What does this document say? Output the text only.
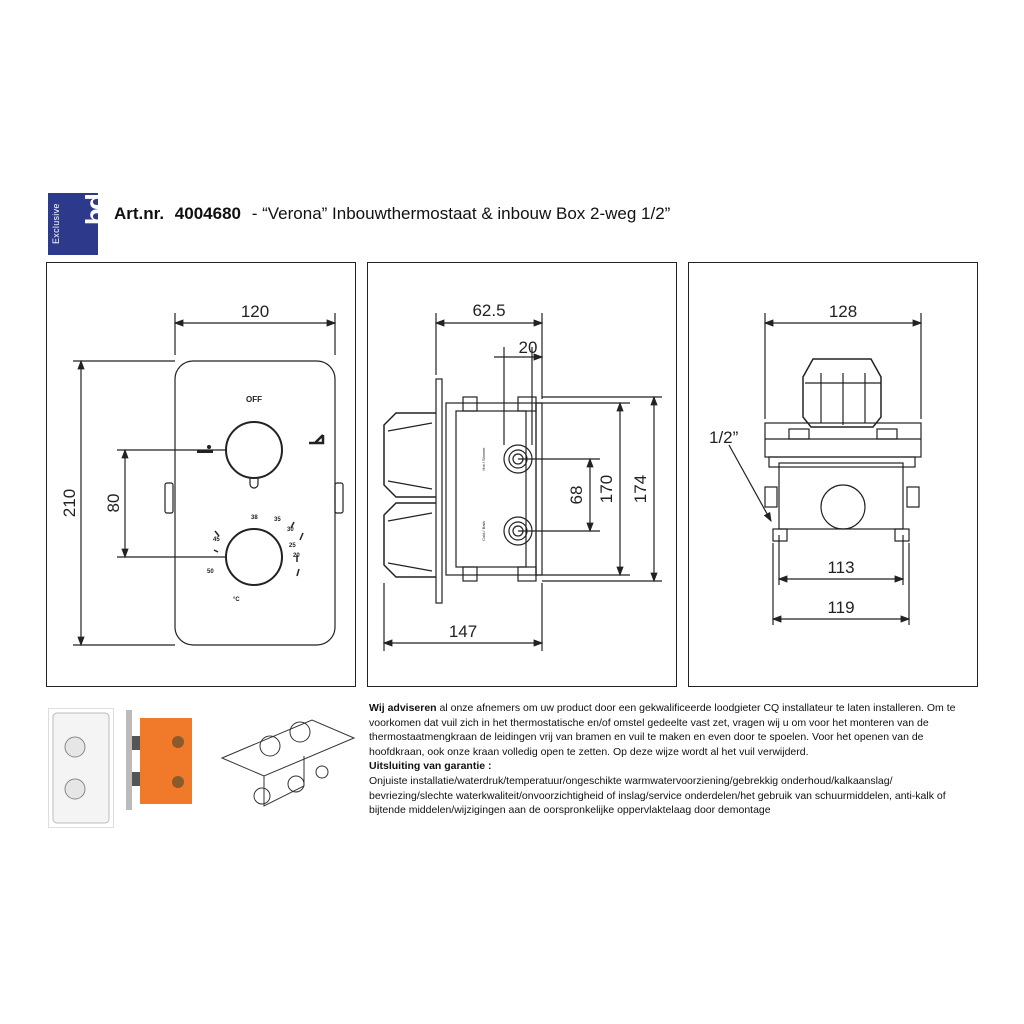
Exclusive bd Art.nr. 4004680 - “Verona” Inbouwthermostaat & inbouw Box 2-weg 1/2”
120
210 80
OFF
45
50
°C
38	35
30
25
20
62.5
20
68 170 174
147
Hot / Shower
Cold / Bath
128
1/2”
113
119

Wij adviseren al onze afnemers om uw product door een gekwalificeerde loodgieter CQ installateur te laten installeren. Om te voorkomen dat vuil zich in het thermostatische en/of omstel gedeelte vast zet, vragen wij u om voor het monteren van de thermostaatmengkraan de leidingen vrij van bramen en vuil te maken en even door te spoelen. Voor het openen van de hoofdkraan, ook onze kraan volledig open te zetten. Op deze wijze wordt al het vuil verwijderd.

Uitsluiting van garantie :

Onjuiste installatie/waterdruk/temperatuur/ongeschikte warmwatervoorziening/gebrekkig onderhoud/kalkaanslag/ bevriezing/slechte waterkwaliteit/onvoorzichtigheid of inslag/service onderdelen/het gebruik van schuurmiddelen, anti-kalk of bijtende middelen/wijzigingen aan de oorspronkelijke oppervlaktelaag door demontage
